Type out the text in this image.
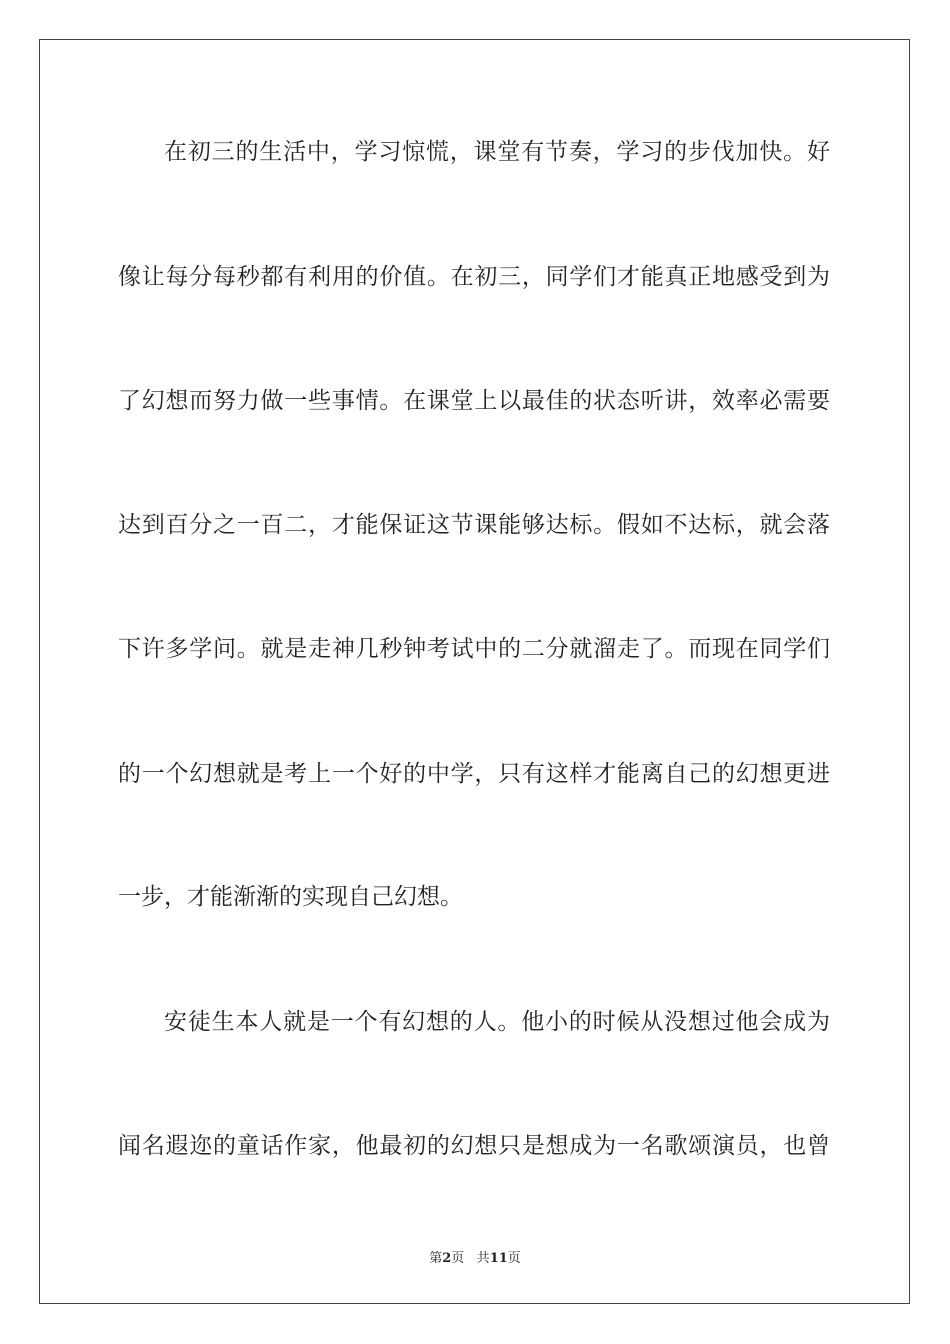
在初三的生活中，学习惊慌，课堂有节奏，学习的步伐加快。好
像让每分每秒都有利用的价值。在初三，同学们才能真正地感受到为
了幻想而努力做一些事情。在课堂上以最佳的状态听讲，效率必需要
达到百分之一百二，才能保证这节课能够达标。假如不达标，就会落
下许多学问。就是走神几秒钟考试中的二分就溜走了。而现在同学们
的一个幻想就是考上一个好的中学，只有这样才能离自己的幻想更进
一步，才能渐渐的实现自己幻想。
安徒生本人就是一个有幻想的人。他小的时候从没想过他会成为
闻名遐迩的童话作家，他最初的幻想只是想成为一名歌颂演员，也曾
第2页 共11页
